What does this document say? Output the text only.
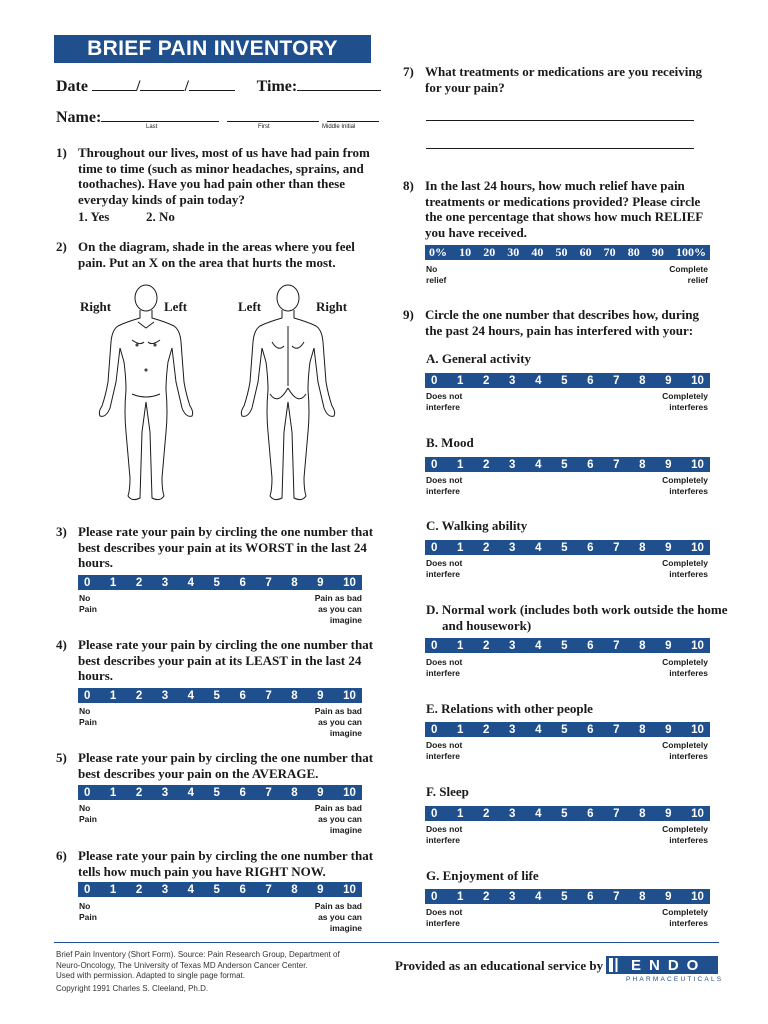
BRIEF PAIN INVENTORY
Date	/	/	Time:
Name:
Last	First	Middle Initial
1) Throughout our lives, most of us have had pain from time to time (such as minor headaches, sprains, and toothaches). Have you had pain other than these everyday kinds of pain today?
1. Yes	2. No
2) On the diagram, shade in the areas where you feel pain. Put an X on the area that hurts the most.
Right	Left	Left	Right
3) Please rate your pain by circling the one number that best describes your pain at its WORST in the last 24 hours.
0 1 2 3 4 5 6 7 8 9 10
No
Pain
Pain as bad
as you can
imagine
4) Please rate your pain by circling the one number that best describes your pain at its LEAST in the last 24 hours.
0 1 2 3 4 5 6 7 8 9 10
No
Pain
Pain as bad
as you can
imagine
5) Please rate your pain by circling the one number that best describes your pain on the AVERAGE.
0 1 2 3 4 5 6 7 8 9 10
No
Pain
Pain as bad
as you can
imagine
6) Please rate your pain by circling the one number that tells how much pain you have RIGHT NOW.
0 1 2 3 4 5 6 7 8 9 10
No
Pain
Pain as bad
as you can
imagine
7) What treatments or medications are you receiving for your pain?
8) In the last 24 hours, how much relief have pain treatments or medications provided? Please circle the one percentage that shows how much RELIEF you have received.
0% 10 20 30 40 50 60 70 80 90 100%
No
relief
Complete
relief
9) Circle the one number that describes how, during the past 24 hours, pain has interfered with your:
A. General activity
0 1 2 3 4 5 6 7 8 9 10
Does not
interfere
Completely
interferes
B. Mood
0 1 2 3 4 5 6 7 8 9 10
Does not
interfere
Completely
interferes
C. Walking ability
0 1 2 3 4 5 6 7 8 9 10
Does not
interfere
Completely
interferes
D. Normal work (includes both work outside the home and housework)
0 1 2 3 4 5 6 7 8 9 10
Does not
interfere
Completely
interferes
E. Relations with other people
0 1 2 3 4 5 6 7 8 9 10
Does not
interfere
Completely
interferes
F. Sleep
0 1 2 3 4 5 6 7 8 9 10
Does not
interfere
Completely
interferes
G. Enjoyment of life
0 1 2 3 4 5 6 7 8 9 10
Does not
interfere
Completely
interferes
Brief Pain Inventory (Short Form). Source: Pain Research Group, Department of
Neuro-Oncology, The University of Texas MD Anderson Cancer Center.
Used with permission. Adapted to single page format.
Copyright 1991 Charles S. Cleeland, Ph.D.
Provided as an educational service by ENDO
PHARMACEUTICALS
